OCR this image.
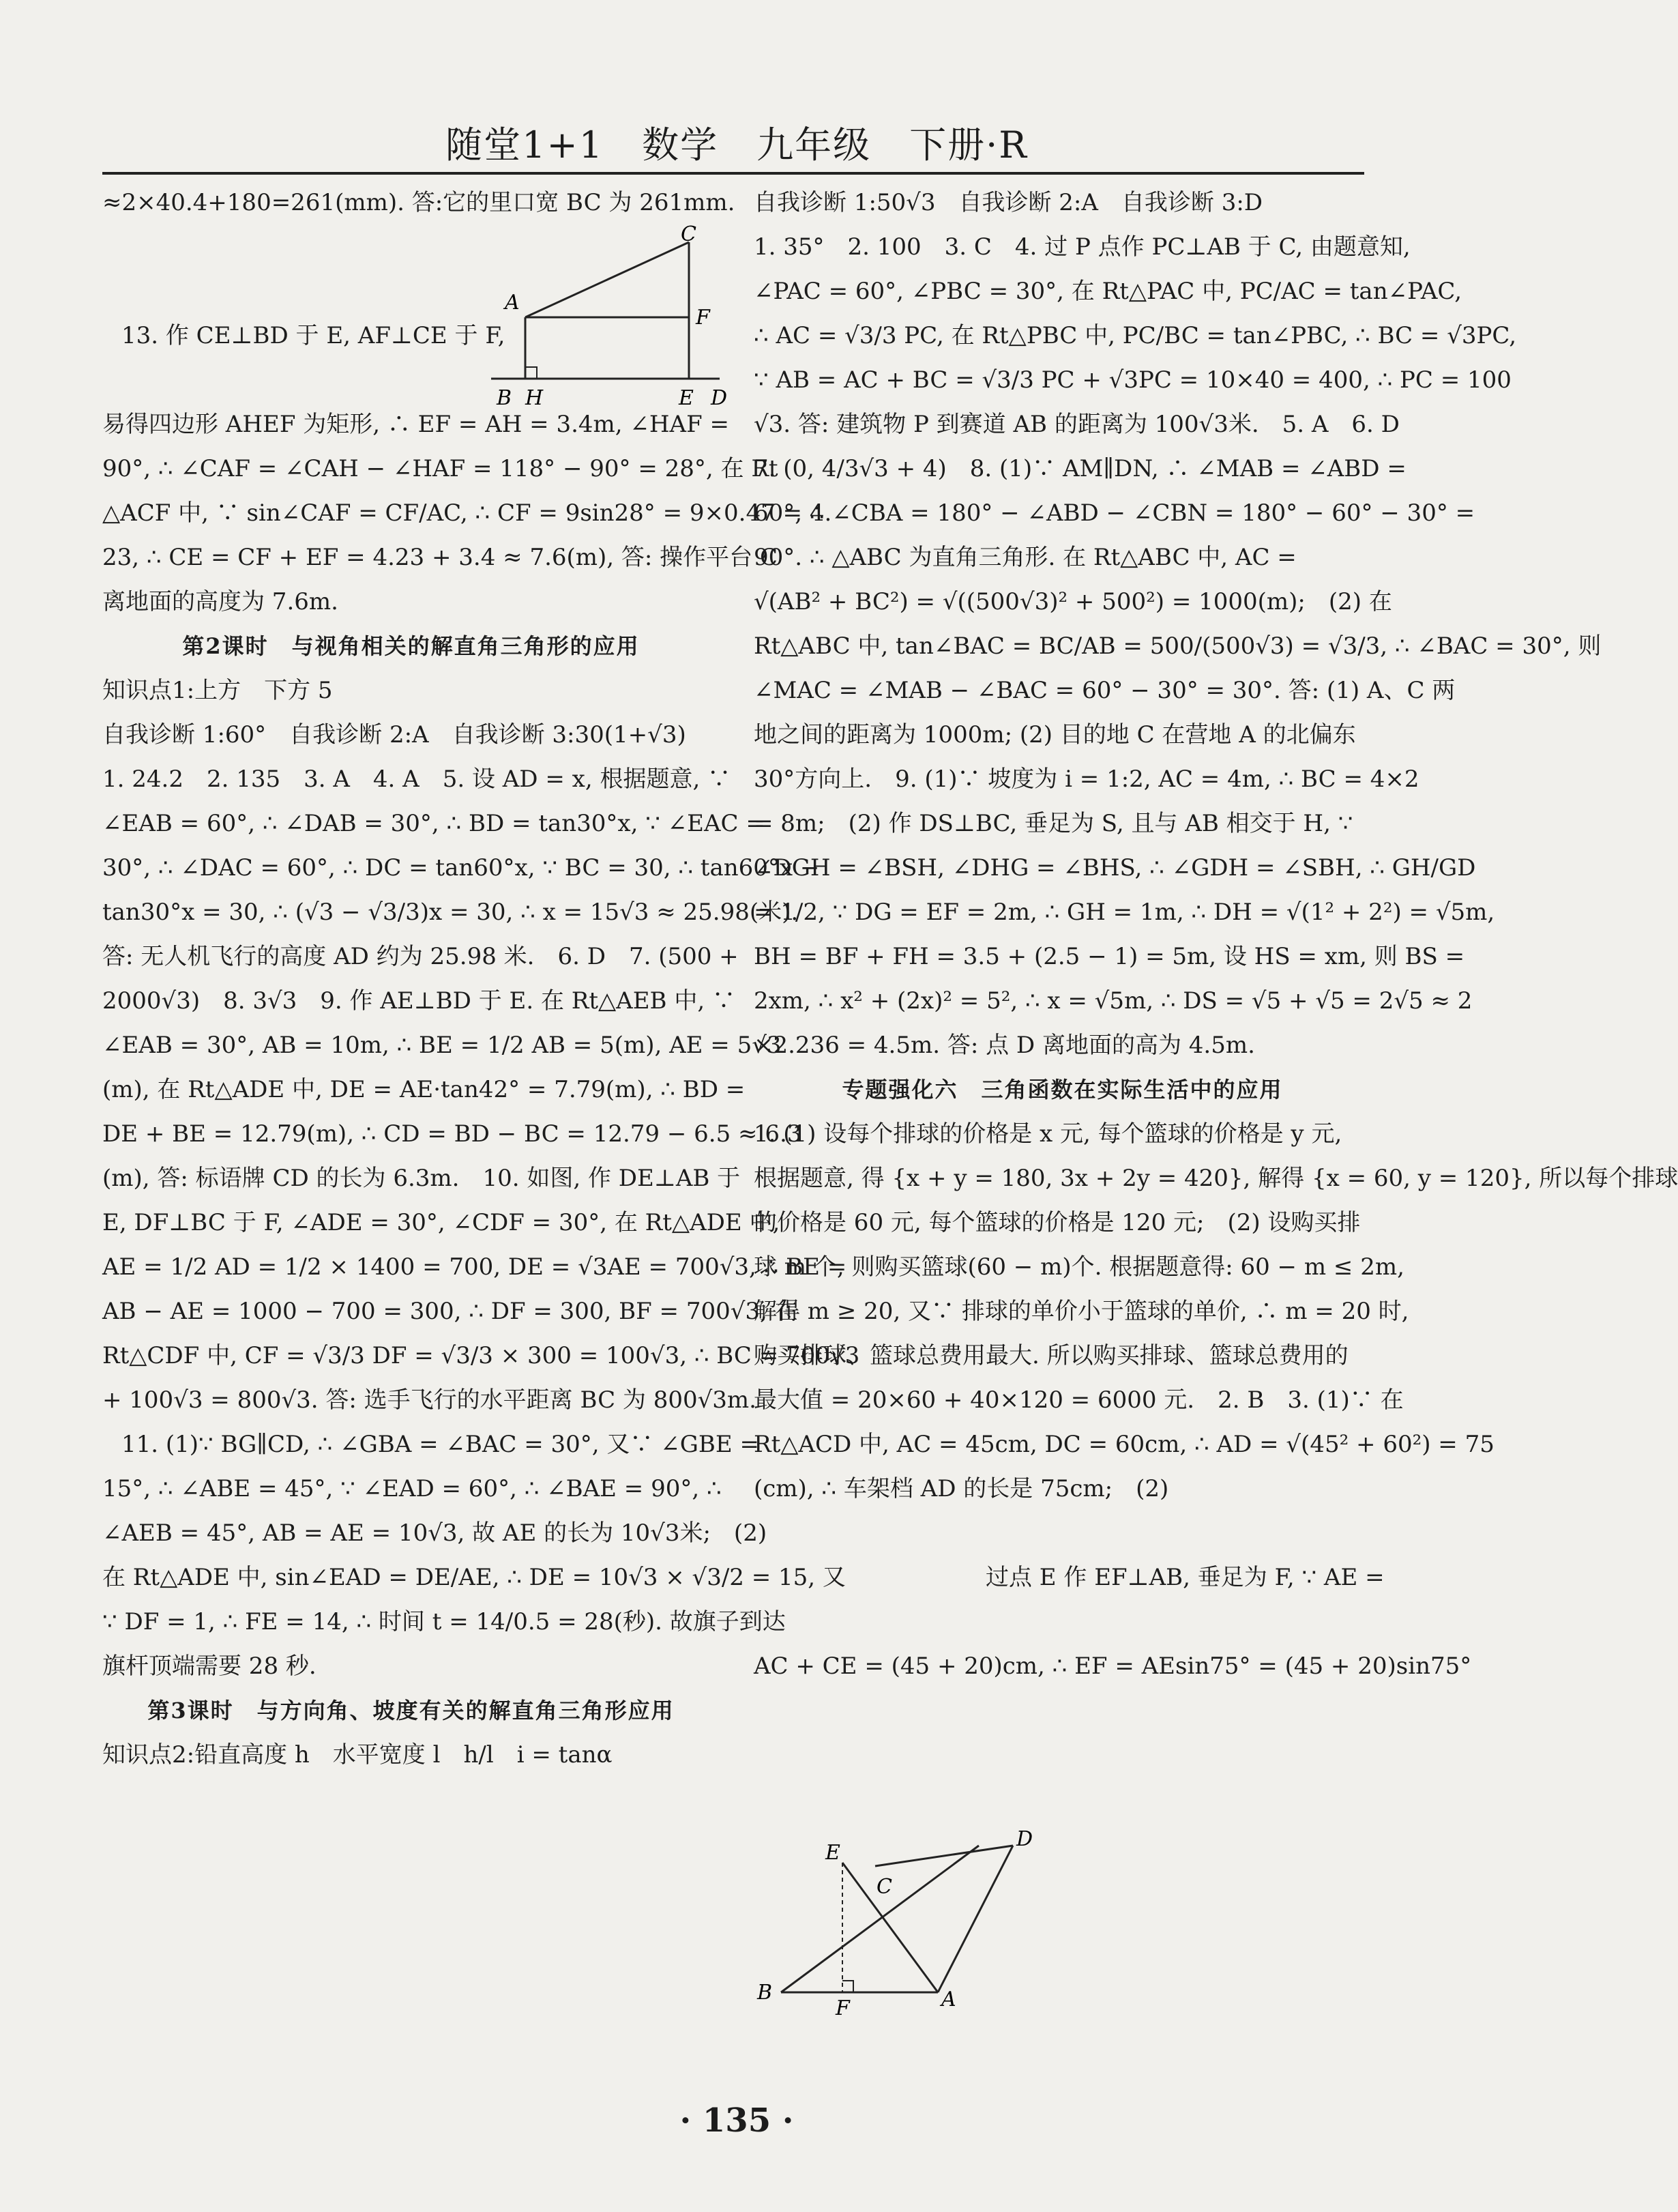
随堂1+1　数学　九年级　下册·R
≈2×40.4+180=261(mm). 答:它的里口宽 BC 为 261mm.
13. 作 CE⊥BD 于 E, AF⊥CE 于 F,
易得四边形 AHEF 为矩形, ∴ EF = AH = 3.4m, ∠HAF =
90°, ∴ ∠CAF = ∠CAH − ∠HAF = 118° − 90° = 28°, 在 Rt
△ACF 中, ∵ sin∠CAF = CF/AC, ∴ CF = 9sin28° = 9×0.47 = 4.
23, ∴ CE = CF + EF = 4.23 + 3.4 ≈ 7.6(m), 答: 操作平台 C
离地面的高度为 7.6m.
第2课时　与视角相关的解直角三角形的应用
知识点1:上方　下方 5
自我诊断 1:60°　自我诊断 2:A　自我诊断 3:30(1+√3)
1. 24.2　2. 135　3. A　4. A　5. 设 AD = x, 根据题意, ∵
∠EAB = 60°, ∴ ∠DAB = 30°, ∴ BD = tan30°x, ∵ ∠EAC =
30°, ∴ ∠DAC = 60°, ∴ DC = tan60°x, ∵ BC = 30, ∴ tan60°x −
tan30°x = 30, ∴ (√3 − √3/3)x = 30, ∴ x = 15√3 ≈ 25.98(米).
答: 无人机飞行的高度 AD 约为 25.98 米.　6. D　7. (500 +
2000√3)　8. 3√3　9. 作 AE⊥BD 于 E. 在 Rt△AEB 中, ∵
∠EAB = 30°, AB = 10m, ∴ BE = 1/2 AB = 5(m), AE = 5√3
(m), 在 Rt△ADE 中, DE = AE·tan42° = 7.79(m), ∴ BD =
DE + BE = 12.79(m), ∴ CD = BD − BC = 12.79 − 6.5 ≈ 6.3
(m), 答: 标语牌 CD 的长为 6.3m.　10. 如图, 作 DE⊥AB 于
E, DF⊥BC 于 F, ∠ADE = 30°, ∠CDF = 30°, 在 Rt△ADE 中,
AE = 1/2 AD = 1/2 × 1400 = 700, DE = √3AE = 700√3, ∴ BE =
AB − AE = 1000 − 700 = 300, ∴ DF = 300, BF = 700√3, 在
Rt△CDF 中, CF = √3/3 DF = √3/3 × 300 = 100√3, ∴ BC = 700√3
+ 100√3 = 800√3. 答: 选手飞行的水平距离 BC 为 800√3m.
11. (1)∵ BG∥CD, ∴ ∠GBA = ∠BAC = 30°, 又∵ ∠GBE =
15°, ∴ ∠ABE = 45°, ∵ ∠EAD = 60°, ∴ ∠BAE = 90°, ∴
∠AEB = 45°, AB = AE = 10√3, 故 AE 的长为 10√3米;　(2)
在 Rt△ADE 中, sin∠EAD = DE/AE, ∴ DE = 10√3 × √3/2 = 15, 又
∵ DF = 1, ∴ FE = 14, ∴ 时间 t = 14/0.5 = 28(秒). 故旗子到达
旗杆顶端需要 28 秒.
第3课时　与方向角、坡度有关的解直角三角形应用
知识点2:铅直高度 h　水平宽度 l　h/l　i = tanα
自我诊断 1:50√3　自我诊断 2:A　自我诊断 3:D
1. 35°　2. 100　3. C　4. 过 P 点作 PC⊥AB 于 C, 由题意知,
∠PAC = 60°, ∠PBC = 30°, 在 Rt△PAC 中, PC/AC = tan∠PAC,
∴ AC = √3/3 PC, 在 Rt△PBC 中, PC/BC = tan∠PBC, ∴ BC = √3PC,
∵ AB = AC + BC = √3/3 PC + √3PC = 10×40 = 400, ∴ PC = 100
√3. 答: 建筑物 P 到赛道 AB 的距离为 100√3米.　5. A　6. D
7. (0, 4/3√3 + 4)　8. (1)∵ AM∥DN, ∴ ∠MAB = ∠ABD =
60°, ∴ ∠CBA = 180° − ∠ABD − ∠CBN = 180° − 60° − 30° =
90°. ∴ △ABC 为直角三角形. 在 Rt△ABC 中, AC =
√(AB² + BC²) = √((500√3)² + 500²) = 1000(m);　(2) 在
Rt△ABC 中, tan∠BAC = BC/AB = 500/(500√3) = √3/3, ∴ ∠BAC = 30°, 则
∠MAC = ∠MAB − ∠BAC = 60° − 30° = 30°. 答: (1) A、C 两
地之间的距离为 1000m; (2) 目的地 C 在营地 A 的北偏东
30°方向上.　9. (1)∵ 坡度为 i = 1:2, AC = 4m, ∴ BC = 4×2
= 8m;　(2) 作 DS⊥BC, 垂足为 S, 且与 AB 相交于 H, ∵
∠DGH = ∠BSH, ∠DHG = ∠BHS, ∴ ∠GDH = ∠SBH, ∴ GH/GD
= 1/2, ∵ DG = EF = 2m, ∴ GH = 1m, ∴ DH = √(1² + 2²) = √5m,
BH = BF + FH = 3.5 + (2.5 − 1) = 5m, 设 HS = xm, 则 BS =
2xm, ∴ x² + (2x)² = 5², ∴ x = √5m, ∴ DS = √5 + √5 = 2√5 ≈ 2
×2.236 = 4.5m. 答: 点 D 离地面的高为 4.5m.
专题强化六　三角函数在实际生活中的应用
1. (1) 设每个排球的价格是 x 元, 每个篮球的价格是 y 元,
根据题意, 得 {x + y = 180, 3x + 2y = 420}, 解得 {x = 60, y = 120}, 所以每个排球
的价格是 60 元, 每个篮球的价格是 120 元;　(2) 设购买排
球 m 个, 则购买篮球(60 − m)个. 根据题意得: 60 − m ≤ 2m,
解得 m ≥ 20, 又∵ 排球的单价小于篮球的单价, ∴ m = 20 时,
购买排球、篮球总费用最大. 所以购买排球、篮球总费用的
最大值 = 20×60 + 40×120 = 6000 元.　2. B　3. (1)∵ 在
Rt△ACD 中, AC = 45cm, DC = 60cm, ∴ AD = √(45² + 60²) = 75
(cm), ∴ 车架档 AD 的长是 75cm;　(2)
　　　　　　　　　　过点 E 作 EF⊥AB, 垂足为 F, ∵ AE =
AC + CE = (45 + 20)cm, ∴ EF = AEsin75° = (45 + 20)sin75°
C
A
F
B H	E D
E
D
C
B
F	A
· 135 ·
